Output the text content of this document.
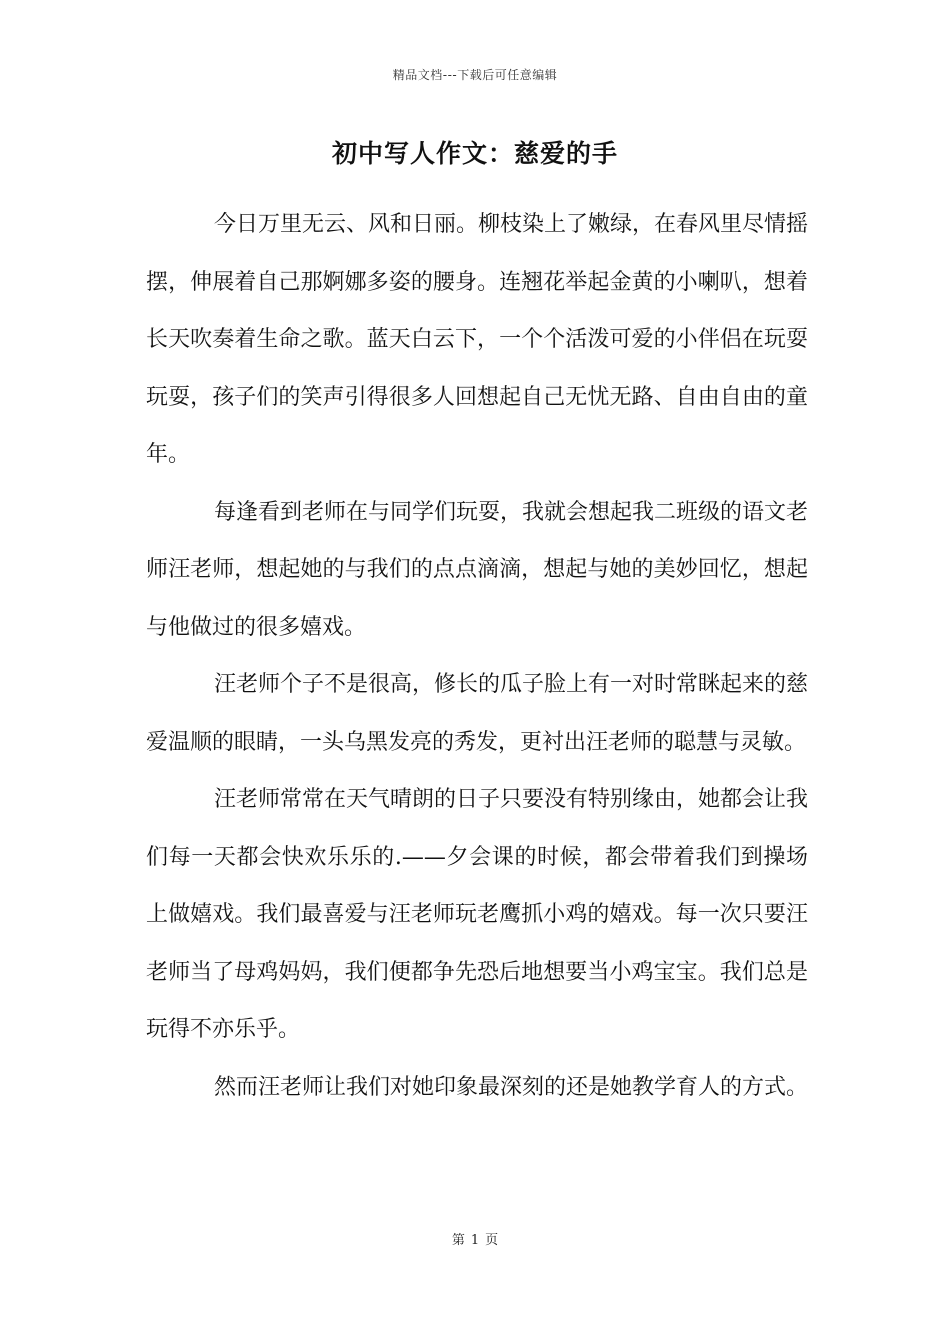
精品文档---下载后可任意编辑
初中写人作文：慈爱的手

今日万里无云、风和日丽。柳枝染上了嫩绿，在春风里尽情摇摆，伸展着自己那婀娜多姿的腰身。连翘花举起金黄的小喇叭，想着长天吹奏着生命之歌。蓝天白云下，一个个活泼可爱的小伴侣在玩耍玩耍，孩子们的笑声引得很多人回想起自己无忧无路、自由自由的童年。

每逢看到老师在与同学们玩耍，我就会想起我二班级的语文老师汪老师，想起她的与我们的点点滴滴，想起与她的美妙回忆，想起与他做过的很多嬉戏。

汪老师个子不是很高，修长的瓜子脸上有一对时常眯起来的慈爱温顺的眼睛，一头乌黑发亮的秀发，更衬出汪老师的聪慧与灵敏。

汪老师常常在天气晴朗的日子只要没有特别缘由，她都会让我们每一天都会快欢乐乐的.——夕会课的时候，都会带着我们到操场上做嬉戏。我们最喜爱与汪老师玩老鹰抓小鸡的嬉戏。每一次只要汪老师当了母鸡妈妈，我们便都争先恐后地想要当小鸡宝宝。我们总是玩得不亦乐乎。

然而汪老师让我们对她印象最深刻的还是她教学育人的方式。

第 1 页
